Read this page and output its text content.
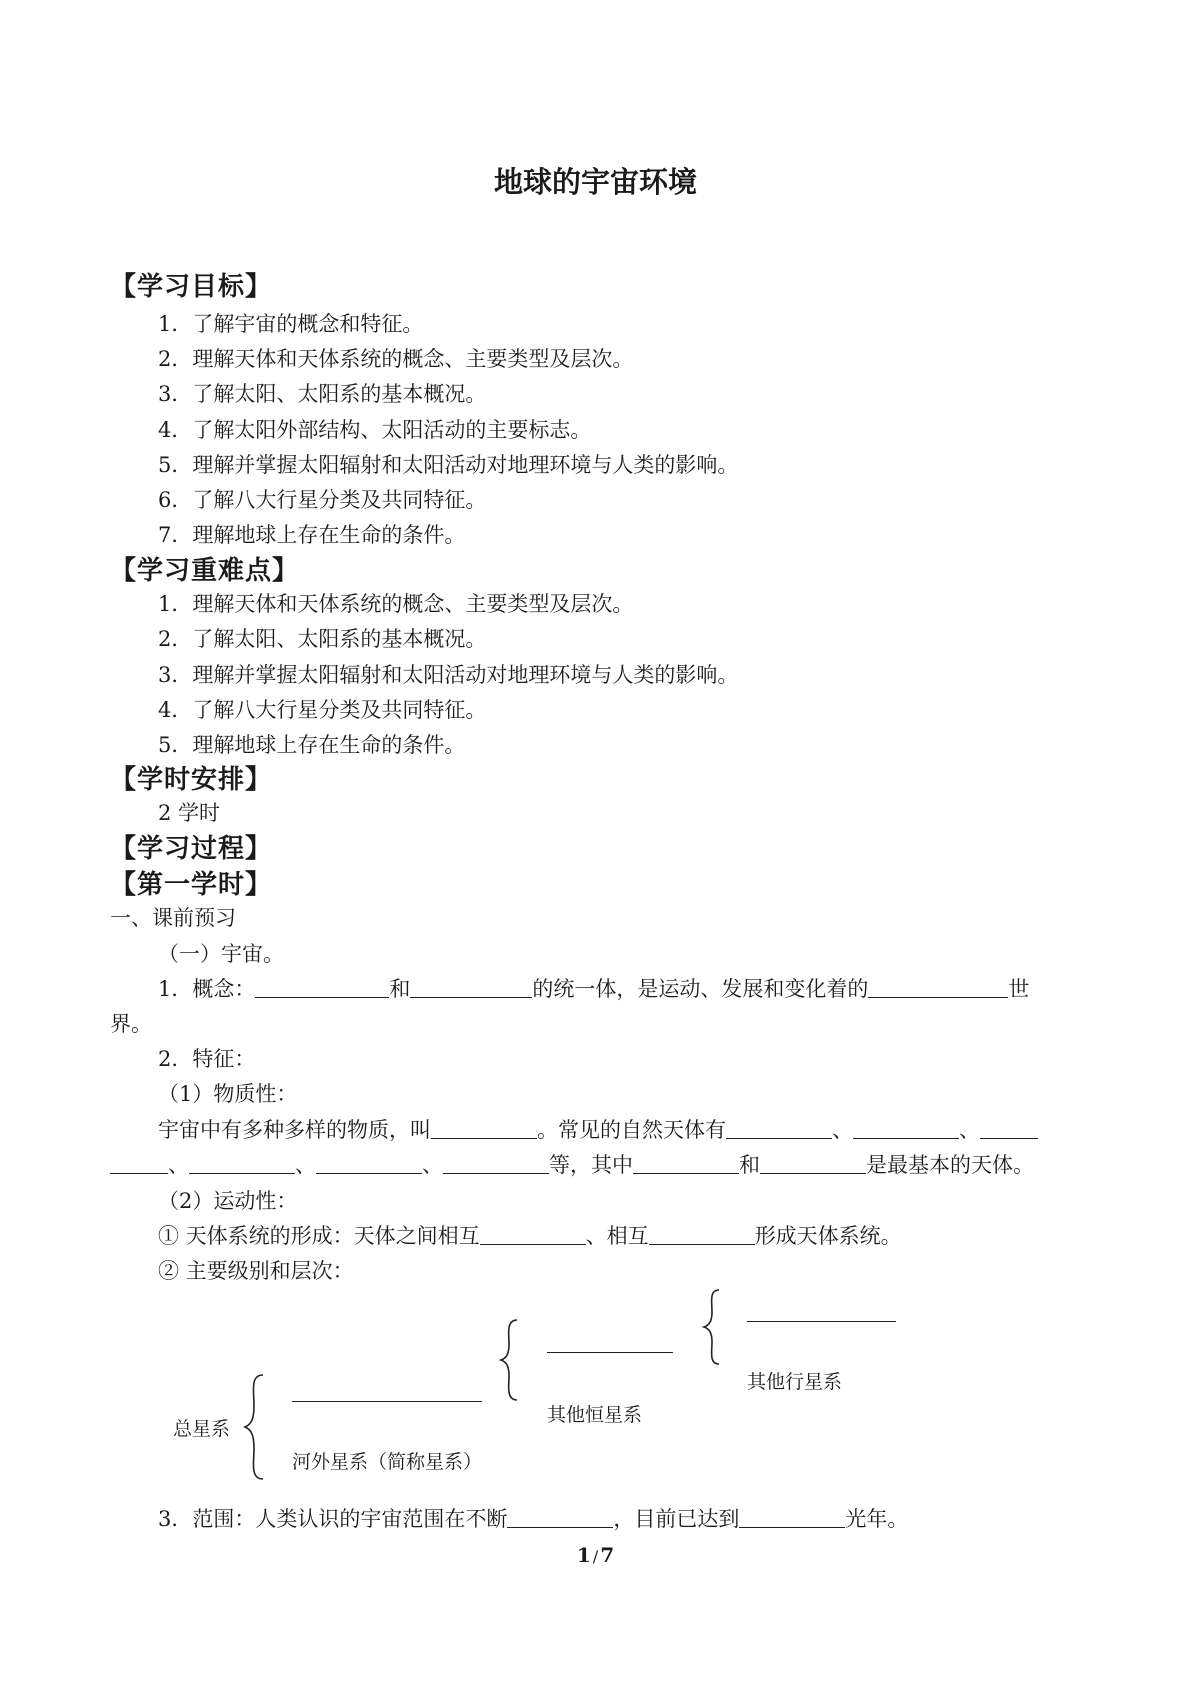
地球的宇宙环境
【学习目标】
1．了解宇宙的概念和特征。
2．理解天体和天体系统的概念、主要类型及层次。
3．了解太阳、太阳系的基本概况。
4．了解太阳外部结构、太阳活动的主要标志。
5．理解并掌握太阳辐射和太阳活动对地理环境与人类的影响。
6．了解八大行星分类及共同特征。
7．理解地球上存在生命的条件。
【学习重难点】
1．理解天体和天体系统的概念、主要类型及层次。
2．了解太阳、太阳系的基本概况。
3．理解并掌握太阳辐射和太阳活动对地理环境与人类的影响。
4．了解八大行星分类及共同特征。
5．理解地球上存在生命的条件。
【学时安排】
2 学时
【学习过程】
【第一学时】
一、课前预习
（一）宇宙。
1．概念：	和	的统一体，是运动、发展和变化着的	世
界。
2．特征：
（1）物质性：
宇宙中有多种多样的物质，叫	。常见的自然天体有	、	、
、	、	、	等，其中	和	是最基本的天体。
（2）运动性：
① 天体系统的形成：天体之间相互	、相互	形成天体系统。
② 主要级别和层次：
总星系
河外星系（简称星系）
其他恒星系
其他行星系
3．范围：人类认识的宇宙范围在不断	，目前已达到	光年。
1 / 7
